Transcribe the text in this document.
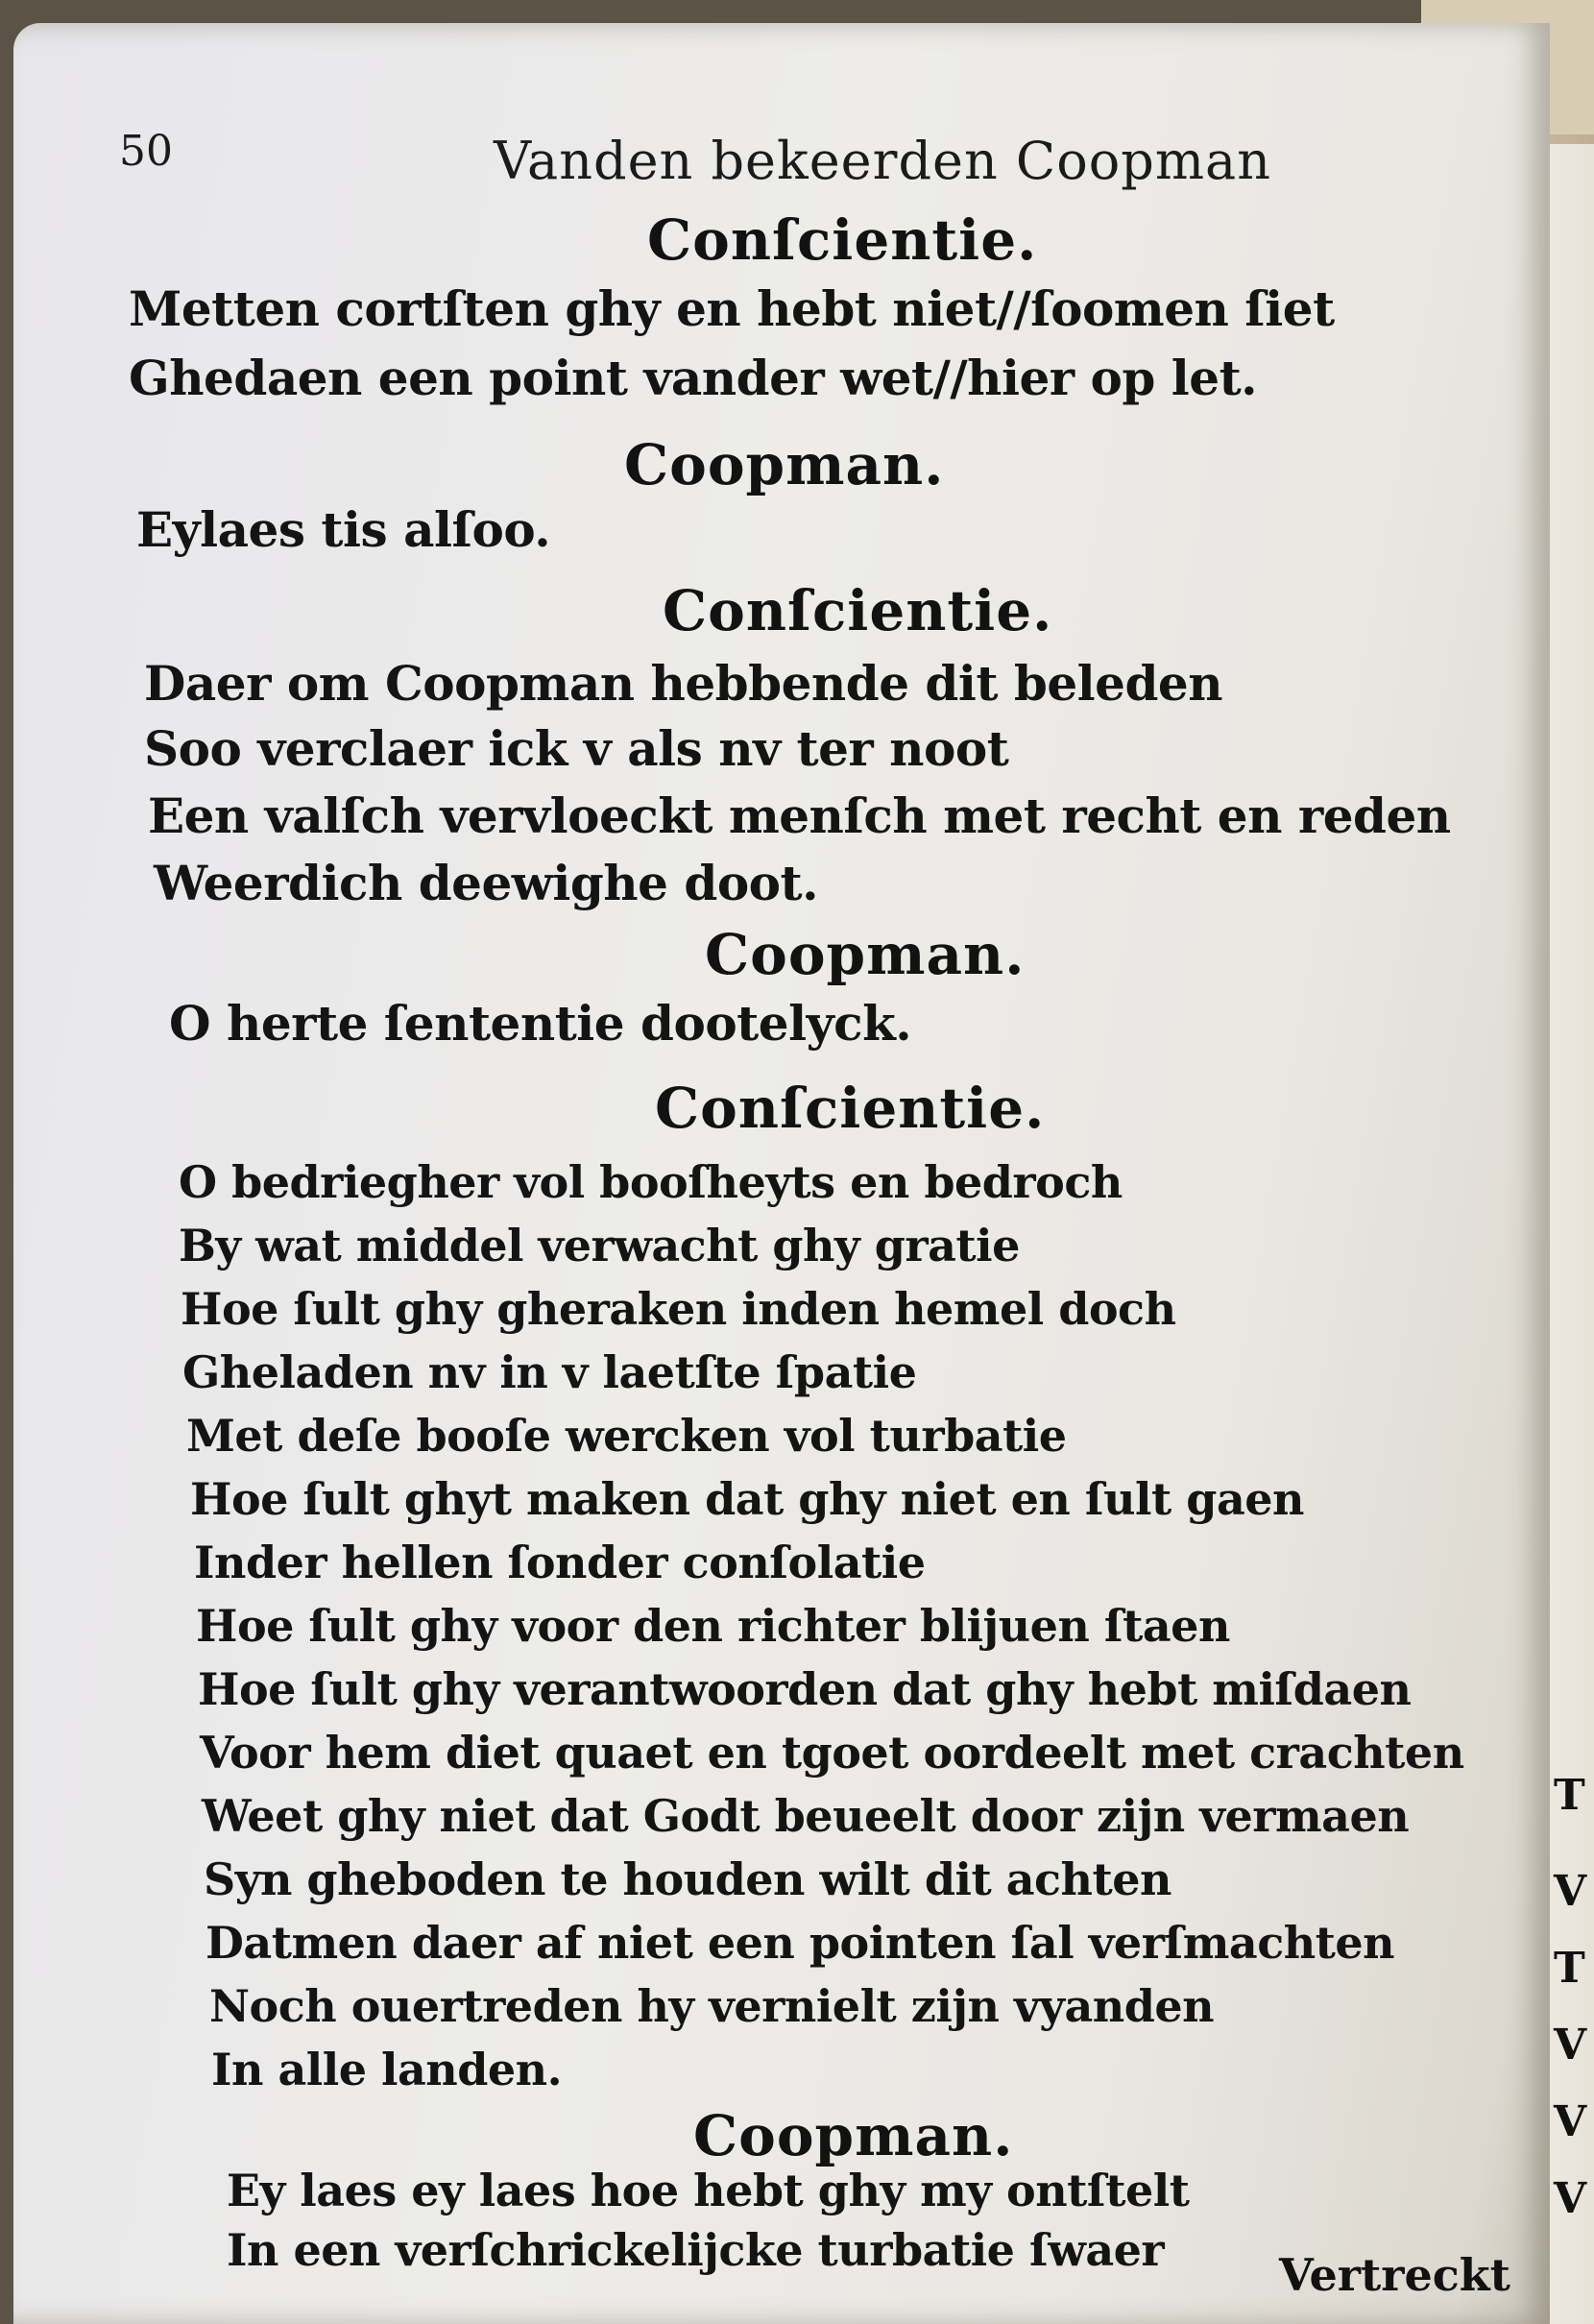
T
V
T
V
V
V
50	Vanden bekeerden Coopman
Conſcientie.
Metten cortſten ghy en hebt niet//ſoomen ſiet
Ghedaen een point vander wet//hier op let.
Coopman.
Eylaes tis alſoo.
Conſcientie.
Daer om Coopman hebbende dit beleden
Soo verclaer ick v als nv ter noot
Een valſch vervloeckt menſch met recht en reden
Weerdich deewighe doot.
Coopman.
O herte ſententie dootelyck.
Conſcientie.
O bedriegher vol booſheyts en bedroch
By wat middel verwacht ghy gratie
Hoe ſult ghy gheraken inden hemel doch
Gheladen nv in v laetſte ſpatie
Met deſe booſe wercken vol turbatie
Hoe ſult ghyt maken dat ghy niet en ſult gaen
Inder hellen ſonder conſolatie
Hoe ſult ghy voor den richter blijuen ſtaen
Hoe ſult ghy verantwoorden dat ghy hebt miſdaen
Voor hem diet quaet en tgoet oordeelt met crachten
Weet ghy niet dat Godt beueelt door zijn vermaen
Syn gheboden te houden wilt dit achten
Datmen daer af niet een pointen ſal verſmachten
Noch ouertreden hy vernielt zijn vyanden
In alle landen.
Coopman.
Ey laes ey laes hoe hebt ghy my ontſtelt
In een verſchrickelijcke turbatie ſwaer	Vertreckt
